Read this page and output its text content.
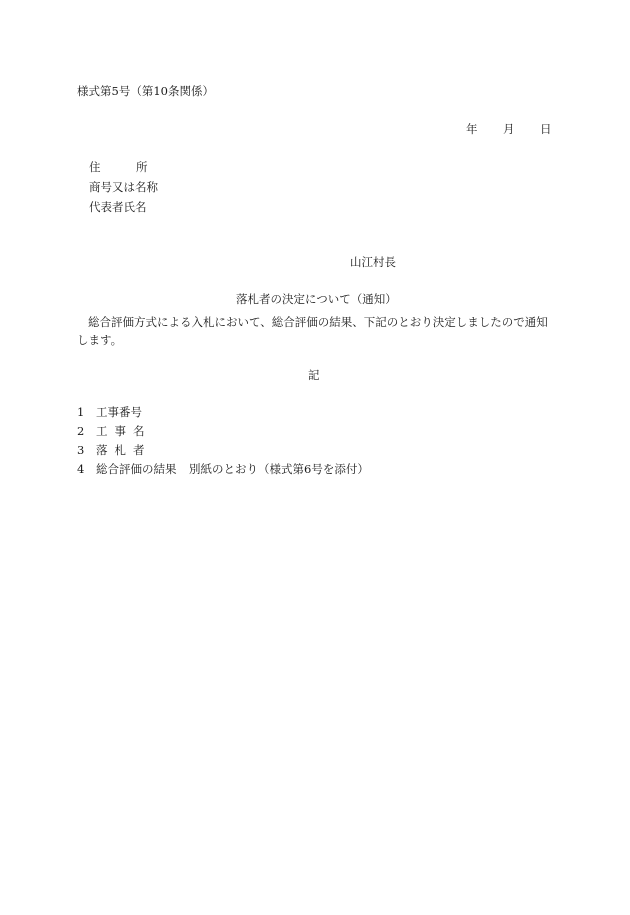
様式第5号（第10条関係）
年	月	日
住	所
商号又は名称
代表者氏名
山江村長
落札者の決定について（通知）
総合評価方式による入札において、総合評価の結果、下記のとおり決定しましたので通知します。
記
1	工事番号
2	工事名
3	落札者
4	総合評価の結果	別紙のとおり（様式第6号を添付）
